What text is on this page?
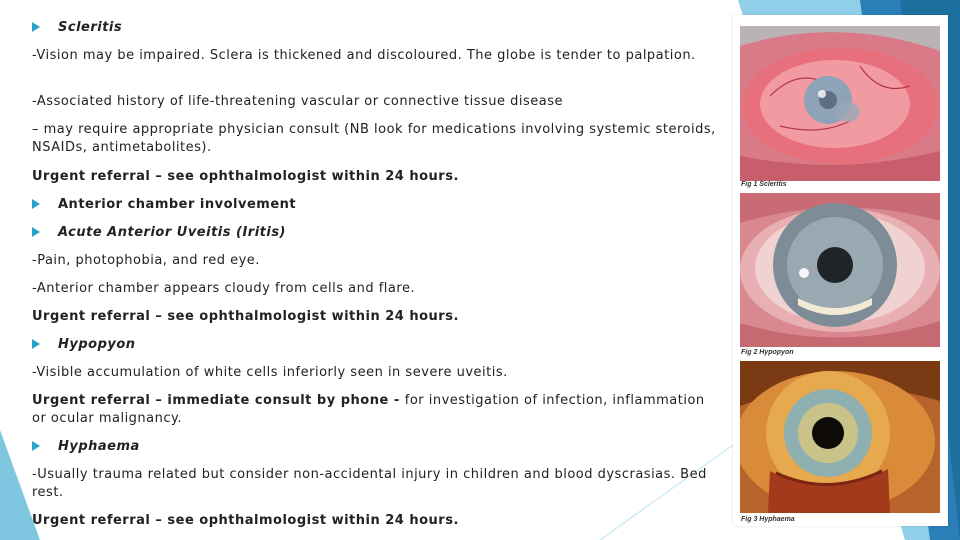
Scleritis
-Vision may be impaired. Sclera is thickened and discoloured. The globe is tender to palpation.
-Associated history of life-threatening vascular or connective tissue disease
– may require appropriate physician consult (NB look for medications involving systemic steroids, NSAIDs, antimetabolites).
Urgent referral – see ophthalmologist within 24 hours.
Anterior chamber involvement
Acute Anterior Uveitis (Iritis)
-Pain, photophobia, and red eye.
-Anterior chamber appears cloudy from cells and flare.
Urgent referral – see ophthalmologist within 24 hours.
Hypopyon
-Visible accumulation of white cells inferiorly seen in severe uveitis.
Urgent referral – immediate consult by phone - for investigation of infection, inflammation or ocular malignancy.
Hyphaema
-Usually trauma related but consider non-accidental injury in children and blood dyscrasias. Bed rest.
Urgent referral – see ophthalmologist within 24 hours.
Fig 1 Scleritis
Fig 2 Hypopyon
Fig 3 Hyphaema
